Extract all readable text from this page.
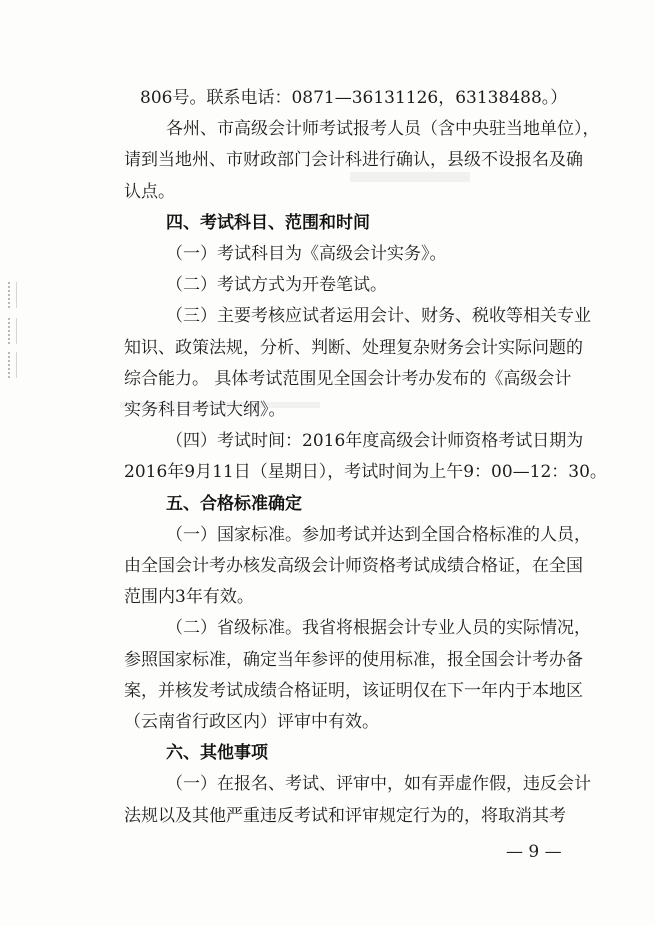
806号。联系电话：0871—36131126，63138488。）
各州、市高级会计师考试报考人员（含中央驻当地单位），
请到当地州、市财政部门会计科进行确认，县级不设报名及确
认点。
四、考试科目、范围和时间
（一）考试科目为《高级会计实务》。
（二）考试方式为开卷笔试。
（三）主要考核应试者运用会计、财务、税收等相关专业
知识、政策法规，分析、判断、处理复杂财务会计实际问题的
综合能力。 具体考试范围见全国会计考办发布的《高级会计
实务科目考试大纲》。
（四）考试时间：2016年度高级会计师资格考试日期为
2016年9月11日（星期日），考试时间为上午9：00—12：30。
五、合格标准确定
（一）国家标准。参加考试并达到全国合格标准的人员，
由全国会计考办核发高级会计师资格考试成绩合格证，在全国
范围内3年有效。
（二）省级标准。我省将根据会计专业人员的实际情况，
参照国家标准，确定当年参评的使用标准，报全国会计考办备
案，并核发考试成绩合格证明，该证明仅在下一年内于本地区
（云南省行政区内）评审中有效。
六、其他事项
（一）在报名、考试、评审中，如有弄虚作假，违反会计
法规以及其他严重违反考试和评审规定行为的，将取消其考
— 9 —
